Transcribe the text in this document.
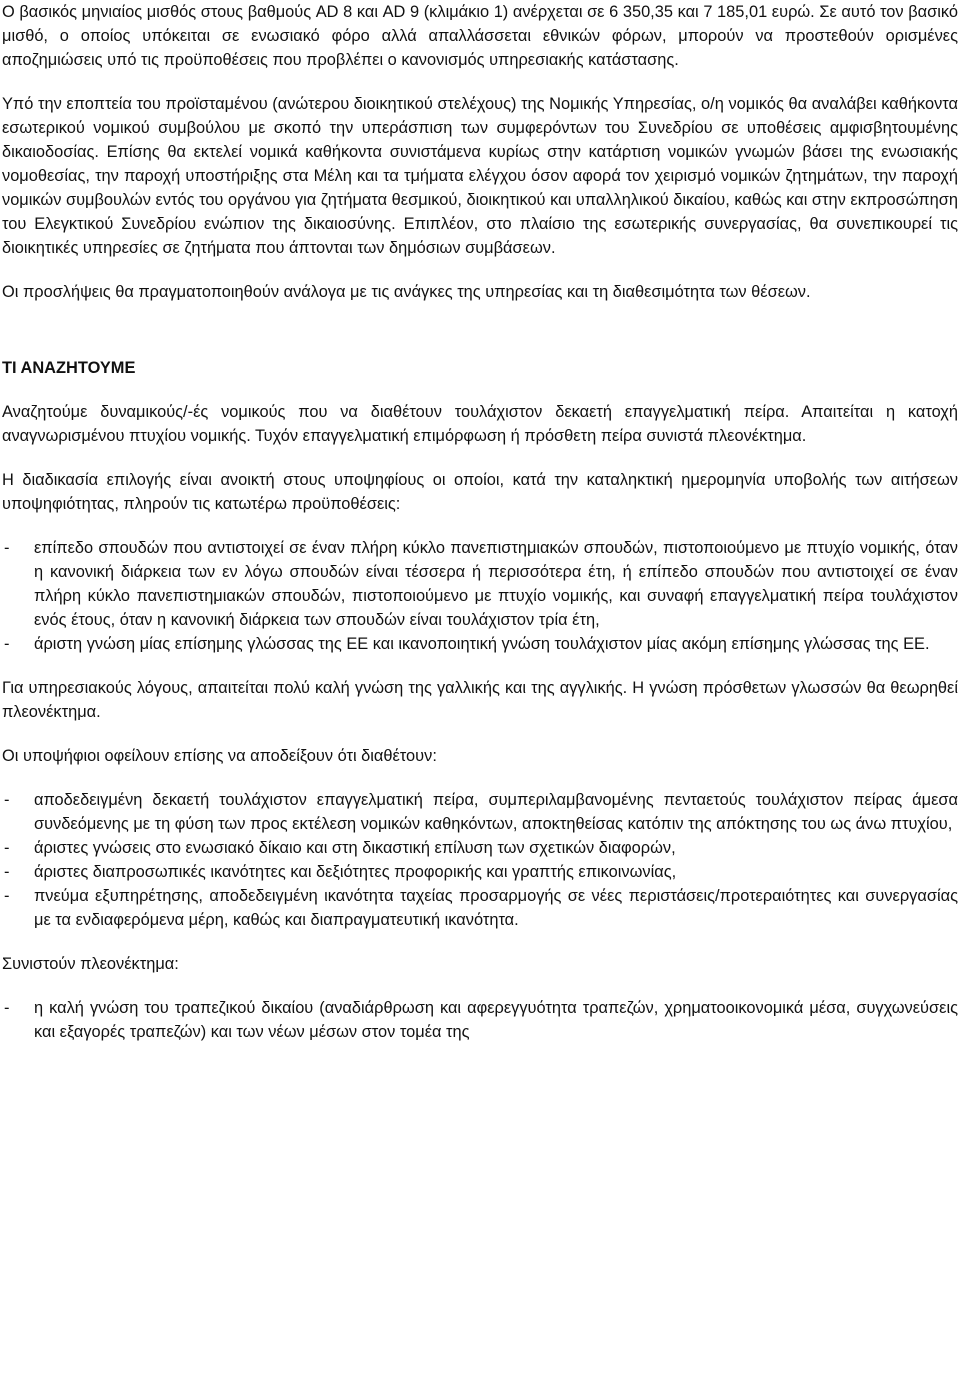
Ο βασικός μηνιαίος μισθός στους βαθμούς AD 8 και AD 9 (κλιμάκιο 1) ανέρχεται σε 6 350,35 και 7 185,01 ευρώ. Σε αυτό τον βασικό μισθό, ο οποίος υπόκειται σε ενωσιακό φόρο αλλά απαλλάσσεται εθνικών φόρων, μπορούν να προστεθούν ορισμένες αποζημιώσεις υπό τις προϋποθέσεις που προβλέπει ο κανονισμός υπηρεσιακής κατάστασης.

Υπό την εποπτεία του προϊσταμένου (ανώτερου διοικητικού στελέχους) της Νομικής Υπηρεσίας, ο/η νομικός θα αναλάβει καθήκοντα εσωτερικού νομικού συμβούλου με σκοπό την υπεράσπιση των συμφερόντων του Συνεδρίου σε υποθέσεις αμφισβητουμένης δικαιοδοσίας. Επίσης θα εκτελεί νομικά καθήκοντα συνιστάμενα κυρίως στην κατάρτιση νομικών γνωμών βάσει της ενωσιακής νομοθεσίας, την παροχή υποστήριξης στα Μέλη και τα τμήματα ελέγχου όσον αφορά τον χειρισμό νομικών ζητημάτων, την παροχή νομικών συμβουλών εντός του οργάνου για ζητήματα θεσμικού, διοικητικού και υπαλληλικού δικαίου, καθώς και στην εκπροσώπηση του Ελεγκτικού Συνεδρίου ενώπιον της δικαιοσύνης. Επιπλέον, στο πλαίσιο της εσωτερικής συνεργασίας, θα συνεπικουρεί τις διοικητικές υπηρεσίες σε ζητήματα που άπτονται των δημόσιων συμβάσεων.

Οι προσλήψεις θα πραγματοποιηθούν ανάλογα με τις ανάγκες της υπηρεσίας και τη διαθεσιμότητα των θέσεων.

ΤΙ ΑΝΑΖΗΤΟΥΜΕ

Αναζητούμε δυναμικούς/-ές νομικούς που να διαθέτουν τουλάχιστον δεκαετή επαγγελματική πείρα. Απαιτείται η κατοχή αναγνωρισμένου πτυχίου νομικής. Τυχόν επαγγελματική επιμόρφωση ή πρόσθετη πείρα συνιστά πλεονέκτημα.

Η διαδικασία επιλογής είναι ανοικτή στους υποψηφίους οι οποίοι, κατά την καταληκτική ημερομηνία υποβολής των αιτήσεων υποψηφιότητας, πληρούν τις κατωτέρω προϋποθέσεις:

- επίπεδο σπουδών που αντιστοιχεί σε έναν πλήρη κύκλο πανεπιστημιακών σπουδών, πιστοποιούμενο με πτυχίο νομικής, όταν η κανονική διάρκεια των εν λόγω σπουδών είναι τέσσερα ή περισσότερα έτη, ή επίπεδο σπουδών που αντιστοιχεί σε έναν πλήρη κύκλο πανεπιστημιακών σπουδών, πιστοποιούμενο με πτυχίο νομικής, και συναφή επαγγελματική πείρα τουλάχιστον ενός έτους, όταν η κανονική διάρκεια των σπουδών είναι τουλάχιστον τρία έτη,
- άριστη γνώση μίας επίσημης γλώσσας της ΕΕ και ικανοποιητική γνώση τουλάχιστον μίας ακόμη επίσημης γλώσσας της ΕΕ.

Για υπηρεσιακούς λόγους, απαιτείται πολύ καλή γνώση της γαλλικής και της αγγλικής. Η γνώση πρόσθετων γλωσσών θα θεωρηθεί πλεονέκτημα.

Οι υποψήφιοι οφείλουν επίσης να αποδείξουν ότι διαθέτουν:

- αποδεδειγμένη δεκαετή τουλάχιστον επαγγελματική πείρα, συμπεριλαμβανομένης πενταετούς τουλάχιστον πείρας άμεσα συνδεόμενης με τη φύση των προς εκτέλεση νομικών καθηκόντων, αποκτηθείσας κατόπιν της απόκτησης του ως άνω πτυχίου,
- άριστες γνώσεις στο ενωσιακό δίκαιο και στη δικαστική επίλυση των σχετικών διαφορών,
- άριστες διαπροσωπικές ικανότητες και δεξιότητες προφορικής και γραπτής επικοινωνίας,
- πνεύμα εξυπηρέτησης, αποδεδειγμένη ικανότητα ταχείας προσαρμογής σε νέες περιστάσεις/προτεραιότητες και συνεργασίας με τα ενδιαφερόμενα μέρη, καθώς και διαπραγματευτική ικανότητα.

Συνιστούν πλεονέκτημα:

- η καλή γνώση του τραπεζικού δικαίου (αναδιάρθρωση και αφερεγγυότητα τραπεζών, χρηματοοικονομικά μέσα, συγχωνεύσεις και εξαγορές τραπεζών) και των νέων μέσων στον τομέα της
